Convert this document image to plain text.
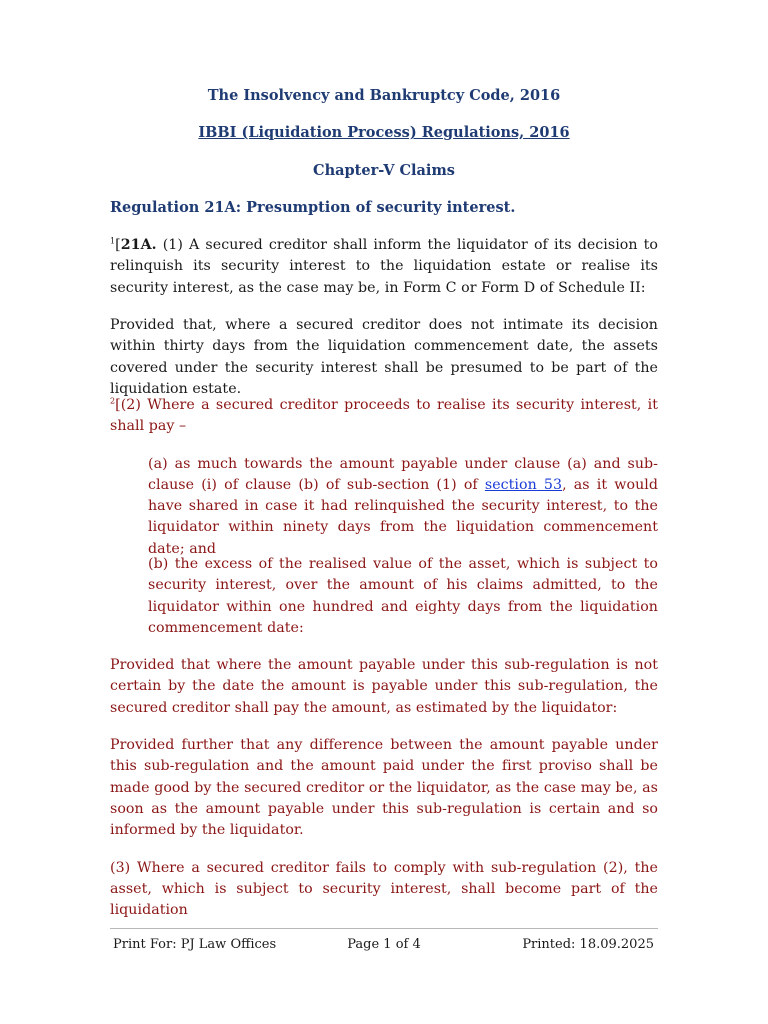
The Insolvency and Bankruptcy Code, 2016

IBBI (Liquidation Process) Regulations, 2016

Chapter-V Claims

Regulation 21A: Presumption of security interest.

$^1$[21A. (1) A secured creditor shall inform the liquidator of its decision to relinquish its security interest to the liquidation estate or realise its security interest, as the case may be, in Form C or Form D of Schedule II:

Provided that, where a secured creditor does not intimate its decision within thirty days from the liquidation commencement date, the assets covered under the security interest shall be presumed to be part of the liquidation estate.

$^2$[(2) Where a secured creditor proceeds to realise its security interest, it shall pay –

(a) as much towards the amount payable under clause (a) and sub-clause (i) of clause (b) of sub-section (1) of section 53, as it would have shared in case it had relinquished the security interest, to the liquidator within ninety days from the liquidation commencement date; and

(b) the excess of the realised value of the asset, which is subject to security interest, over the amount of his claims admitted, to the liquidator within one hundred and eighty days from the liquidation commencement date:

Provided that where the amount payable under this sub-regulation is not certain by the date the amount is payable under this sub-regulation, the secured creditor shall pay the amount, as estimated by the liquidator:

Provided further that any difference between the amount payable under this sub-regulation and the amount paid under the first proviso shall be made good by the secured creditor or the liquidator, as the case may be, as soon as the amount payable under this sub-regulation is certain and so informed by the liquidator.

(3) Where a secured creditor fails to comply with sub-regulation (2), the asset, which is subject to security interest, shall become part of the liquidation

Print For: PJ Law Offices	Page 1 of 4	Printed: 18.09.2025
